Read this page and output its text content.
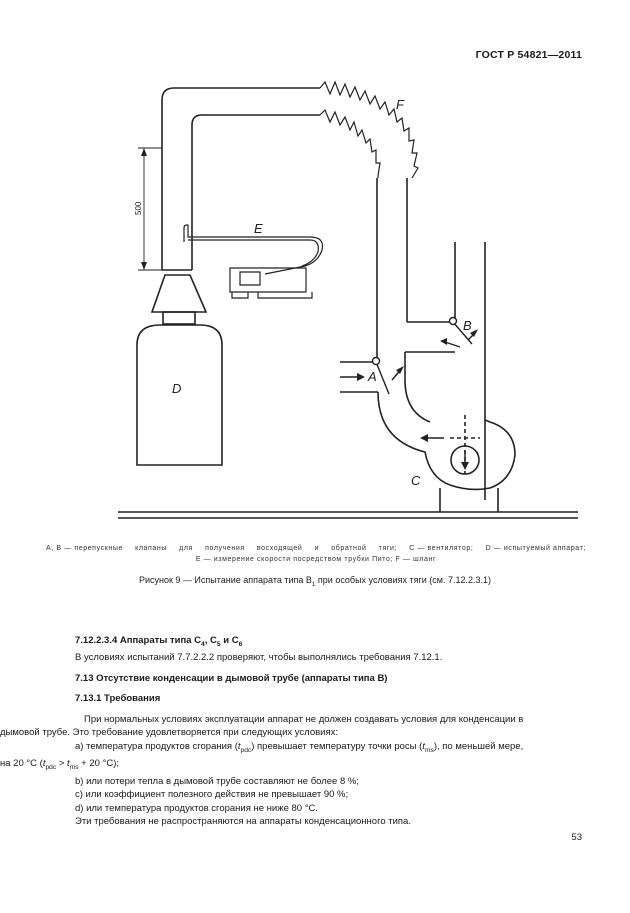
ГОСТ Р 54821—2011
D
E
F
A
B
C
500
A, B — перепускные клапаны для получения восходящей и обратной тяги; C — вентилятор; D — испытуемый аппарат;
E — измерение скорости посредством трубки Пито; F — шланг
Рисунок 9 — Испытание аппарата типа $В_1$ при особых условиях тяги (см. 7.12.2.3.1)

7.12.2.3.4 Аппараты типа $С_4$, $С_5$ и $С_6$

В условиях испытаний 7.7.2.2.2 проверяют, чтобы выполнялись требования 7.12.1.

7.13 Отсутствие конденсации в дымовой трубе (аппараты типа В)

7.13.1 Требования

При нормальных условиях эксплуатации аппарат не должен создавать условия для конденсации в
дымовой трубе. Это требование удовлетворяется при следующих условиях:

a) температура продуктов сгорания $(t_{pdc})$ превышает температуру точки росы $(t_{ms})$, по меньшей мере,
на 20 °С ($t_{pdc} > t_{ms} + 20$ °С);

b) или потери тепла в дымовой трубе составляют не более 8 %;

c) или коэффициент полезного действия не превышает 90 %;

d) или температура продуктов сгорания не ниже 80 °С.

Эти требования не распространяются на аппараты конденсационного типа.

53
